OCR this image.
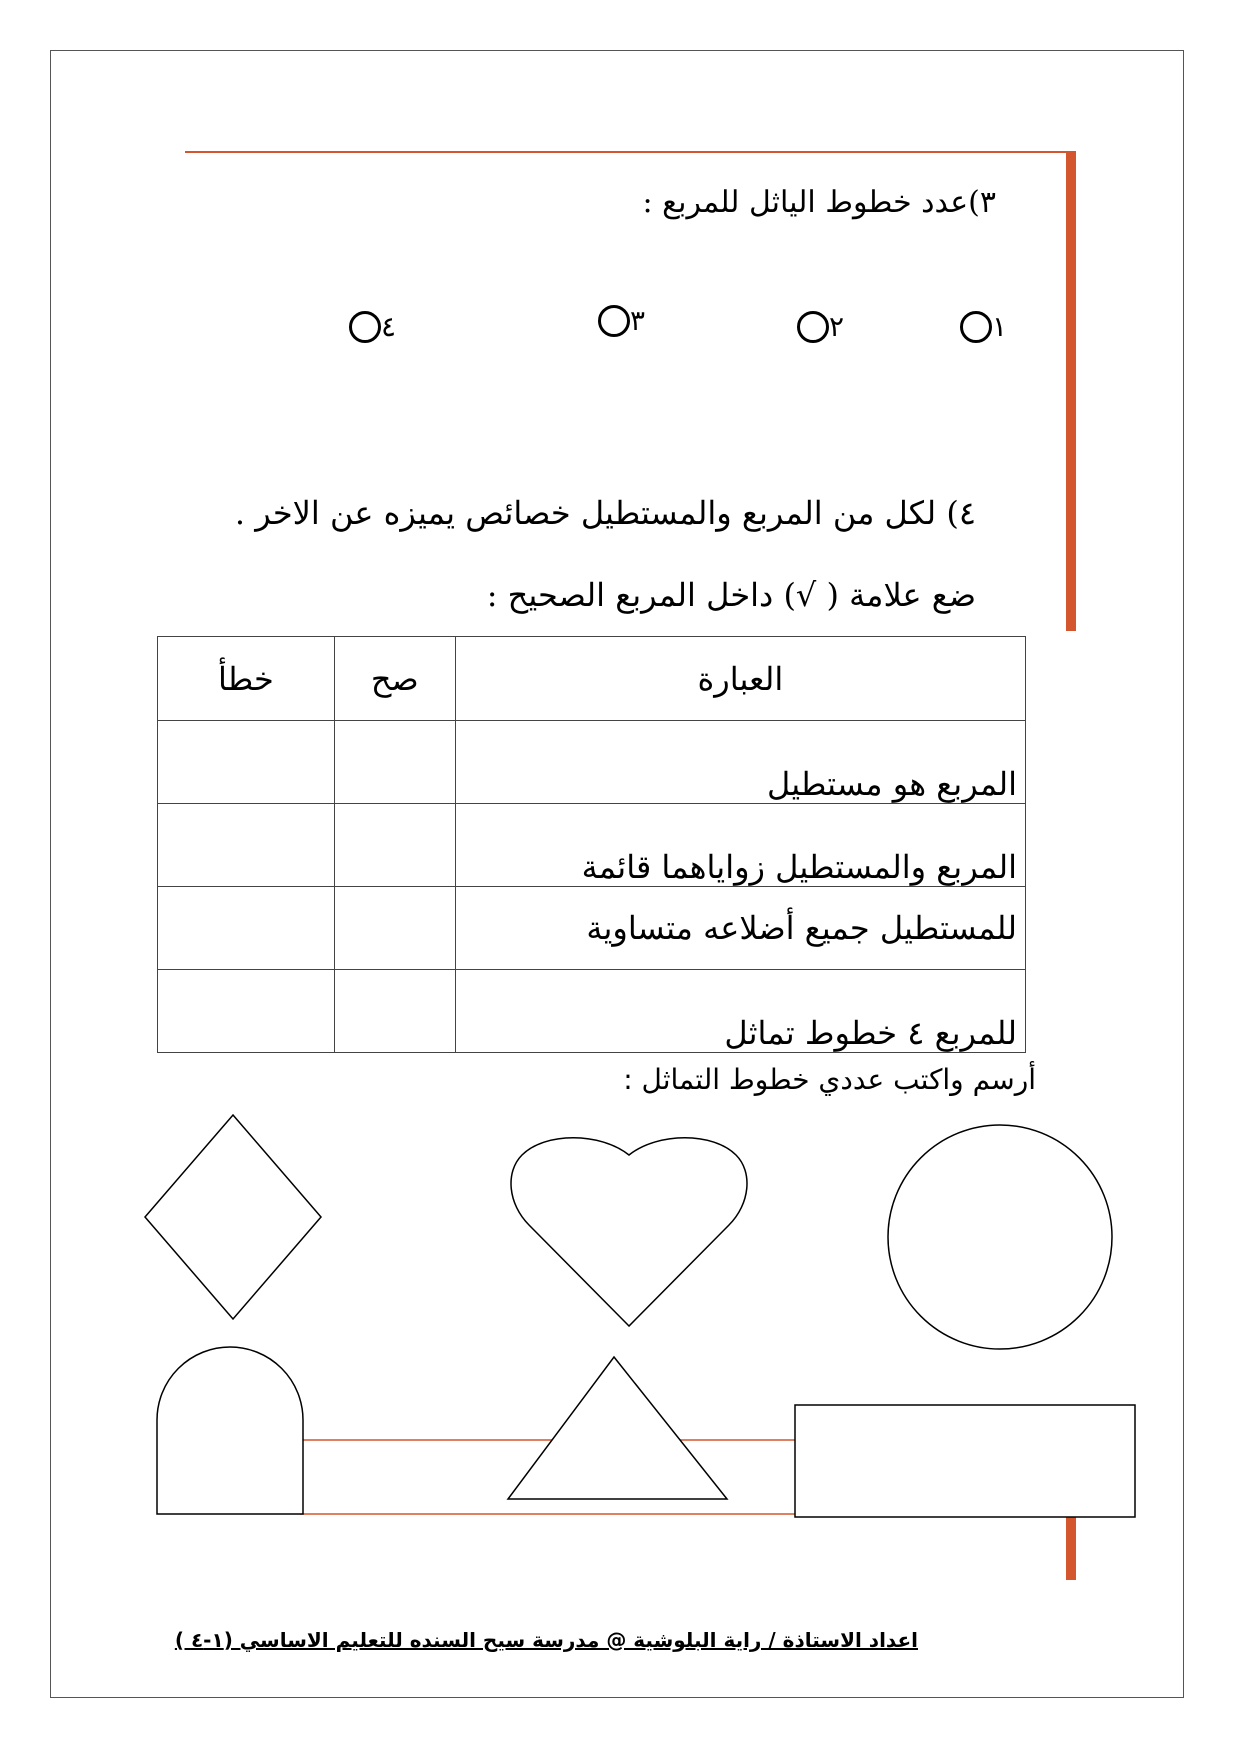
٣)عدد خطوط الياثل للمربع :
١
٢
٣
٤
٤) لكل من المربع والمستطيل خصائص يميزه عن الاخر .
ضع علامة ( √) داخل المربع الصحيح :
العبارة	صح	خطأ
المربع هو مستطيل		
المربع والمستطيل زواياهما قائمة		
للمستطيل جميع أضلاعه متساوية		
للمربع ٤ خطوط تماثل		
أرسم واكتب عددي خطوط التماثل :
اعداد الاستاذة / راية البلوشية @ مدرسة سيح السنده للتعليم الاساسي (١-٤ )
